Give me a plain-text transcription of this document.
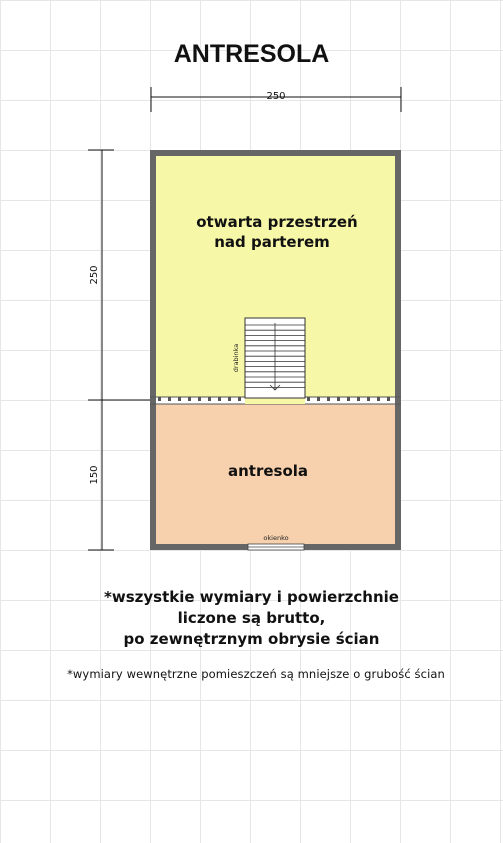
ANTRESOLA
250
250
150
drabinka
okienko
otwarta przestrzeń
nad parterem
antresola
*wszystkie wymiary i powierzchnie
liczone są brutto,
po zewnętrznym obrysie ścian
*wymiary wewnętrzne pomieszczeń są mniejsze o grubość ścian
